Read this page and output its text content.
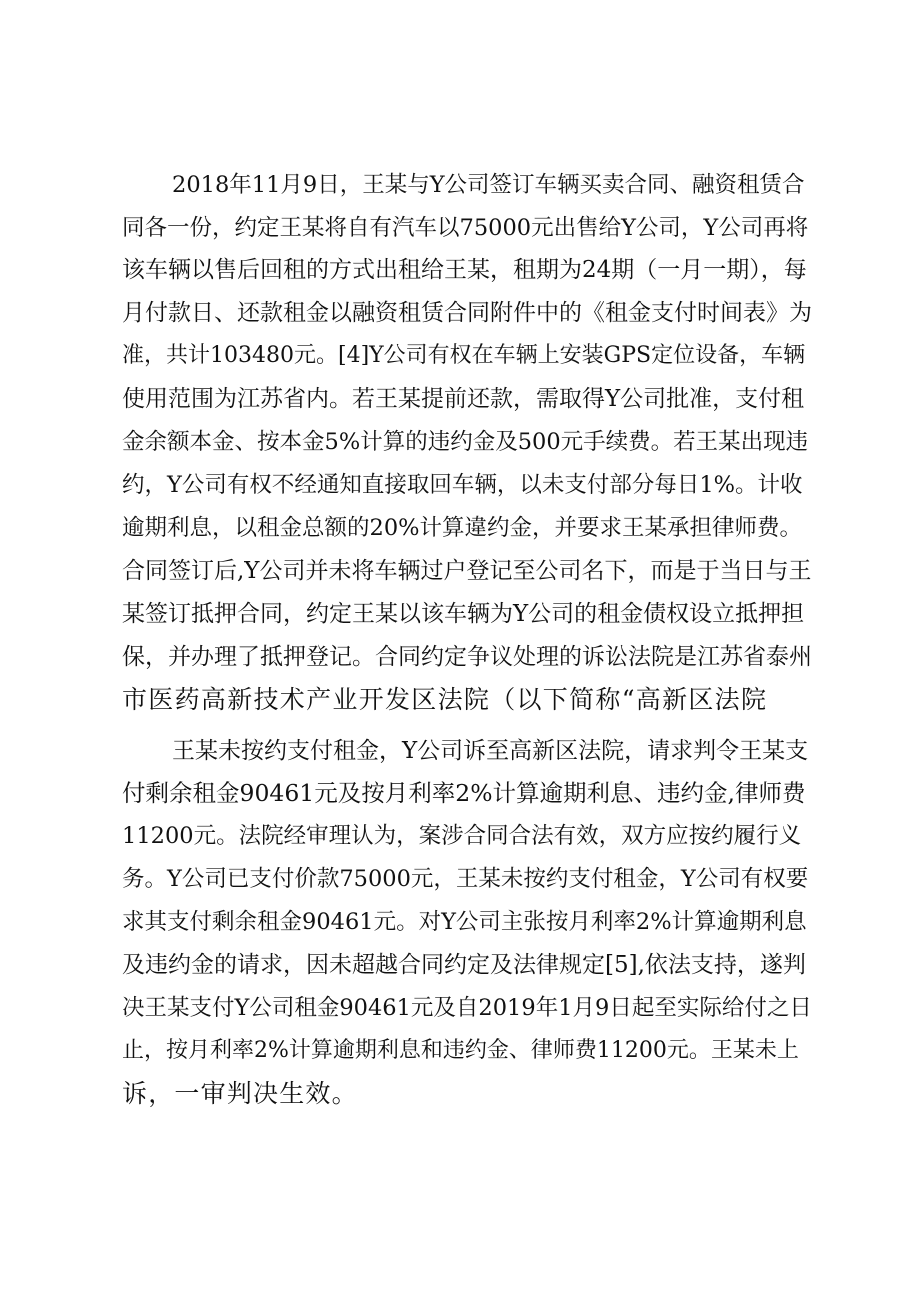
2018年11月9日，王某与Y公司签订车辆买卖合同、融资租赁合
同各一份，约定王某将自有汽车以75000元出售给Y公司，Y公司再将
该车辆以售后回租的方式出租给王某，租期为24期（一月一期），每
月付款日、还款租金以融资租赁合同附件中的《租金支付时间表》为
准，共计103480元。[4]Y公司有权在车辆上安装GPS定位设备，车辆
使用范围为江苏省内。若王某提前还款，需取得Y公司批准，支付租
金余额本金、按本金5%计算的违约金及500元手续费。若王某出现违
约，Y公司有权不经通知直接取回车辆，以未支付部分每日1%。计收
逾期利息，以租金总额的20%计算違约金，并要求王某承担律师费。
合同签订后,Y公司并未将车辆过户登记至公司名下，而是于当日与王
某签订抵押合同，约定王某以该车辆为Y公司的租金债权设立抵押担
保，并办理了抵押登记。合同约定争议处理的诉讼法院是江苏省泰州
市医药高新技术产业开发区法院（以下简称“高新区法院
王某未按约支付租金，Y公司诉至高新区法院，请求判令王某支
付剩余租金90461元及按月利率2%计算逾期利息、违约金,律师费
11200元。法院经审理认为，案涉合同合法有效，双方应按约履行义
务。Y公司已支付价款75000元，王某未按约支付租金，Y公司有权要
求其支付剩余租金90461元。对Y公司主张按月利率2%计算逾期利息
及违约金的请求，因未超越合同约定及法律规定[5],依法支持，遂判
决王某支付Y公司租金90461元及自2019年1月9日起至实际给付之日
止，按月利率2%计算逾期利息和违约金、律师费11200元。王某未上
诉，一审判决生效。
